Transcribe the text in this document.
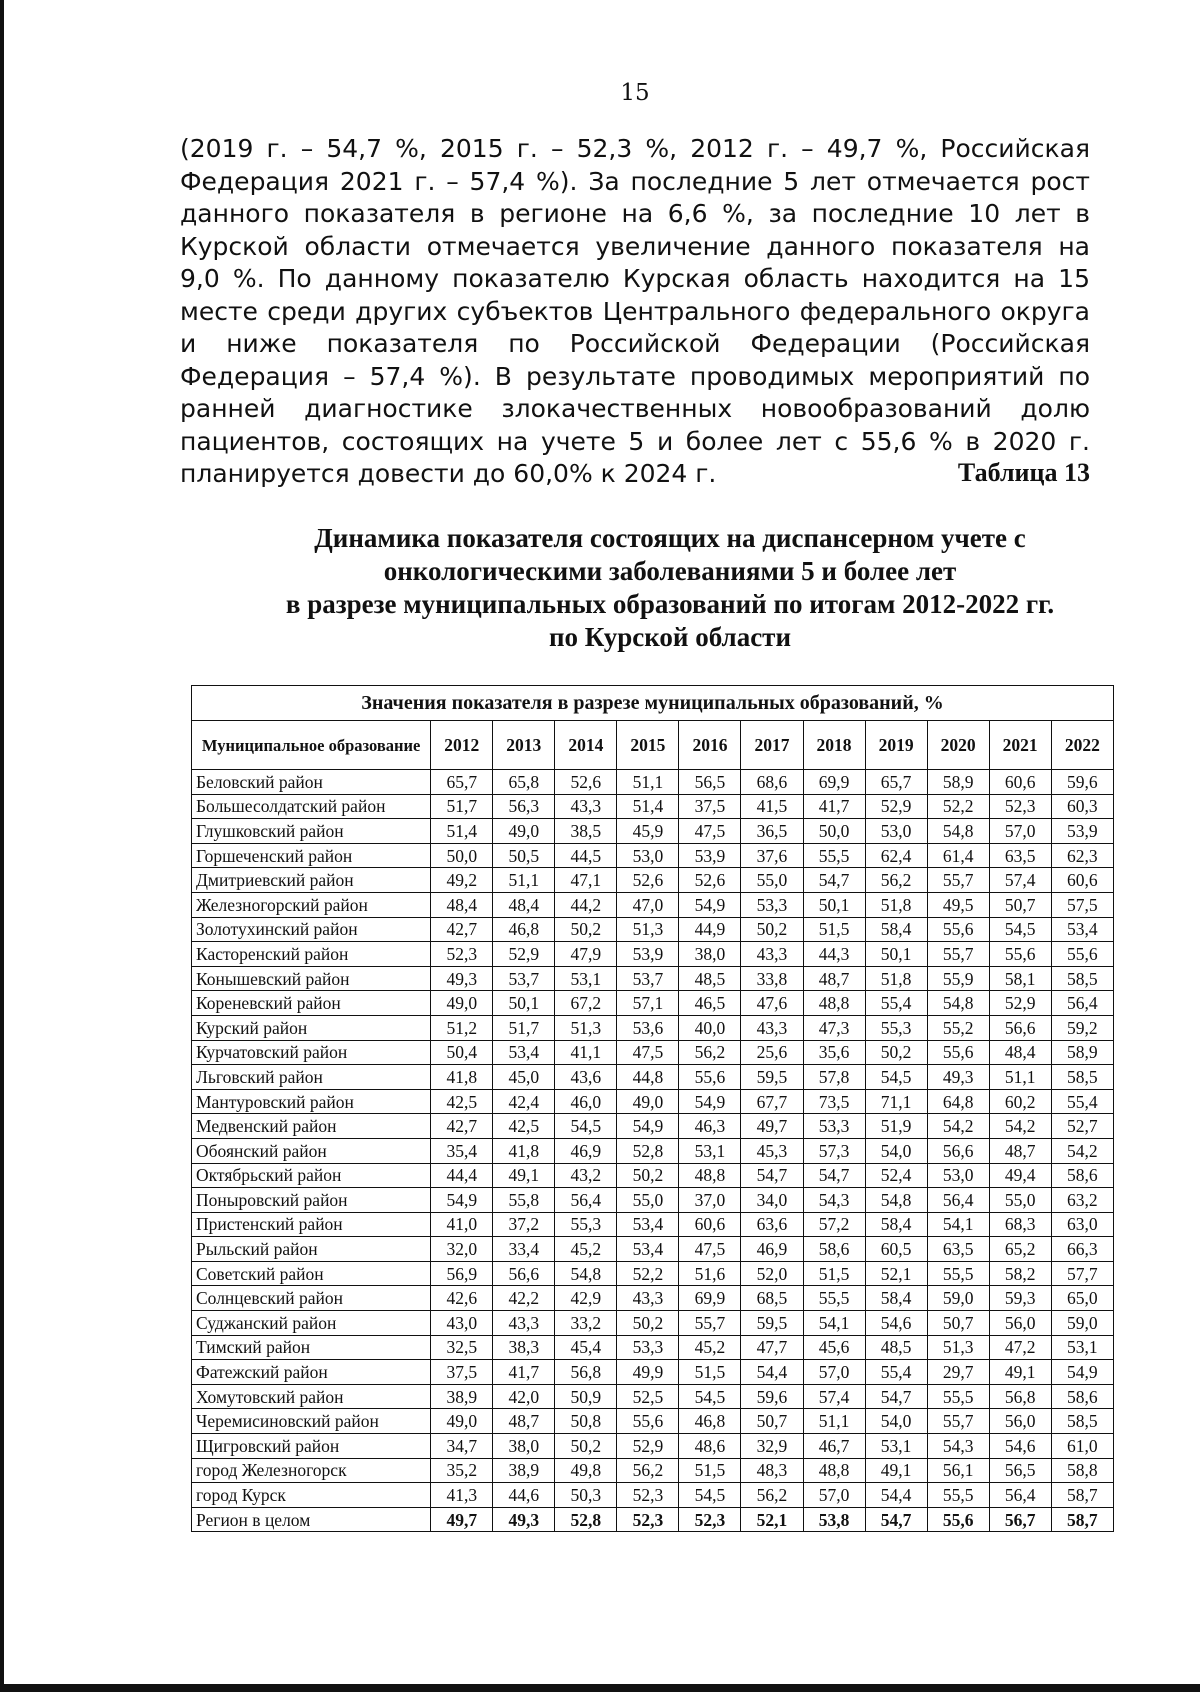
15

(2019 г. – 54,7 %, 2015 г. – 52,3 %, 2012 г. – 49,7 %, Российская Федерация 2021 г. – 57,4 %). За последние 5 лет отмечается рост данного показателя в регионе на 6,6 %, за последние 10 лет в Курской области отмечается увеличение данного показателя на 9,0 %. По данному показателю Курская область находится на 15 месте среди других субъектов Центрального федерального округа и ниже показателя по Российской Федерации (Российская Федерация – 57,4 %). В результате проводимых мероприятий по ранней диагностике злокачественных новообразований долю пациентов, состоящих на учете 5 и более лет с 55,6 % в 2020 г. планируется довести до 60,0% к 2024 г.	Таблица 13
Динамика показателя состоящих на диспансерном учете с
онкологическими заболеваниями 5 и более лет
в разрезе муниципальных образований по итогам 2012-2022 гг.
по Курской области
Значения показателя в разрезе муниципальных образований, %											
Муниципальное образование	2012	2013	2014	2015	2016	2017	2018	2019	2020	2021	2022
Беловский район	65,7	65,8	52,6	51,1	56,5	68,6	69,9	65,7	58,9	60,6	59,6
Большесолдатский район	51,7	56,3	43,3	51,4	37,5	41,5	41,7	52,9	52,2	52,3	60,3
Глушковский район	51,4	49,0	38,5	45,9	47,5	36,5	50,0	53,0	54,8	57,0	53,9
Горшеченский район	50,0	50,5	44,5	53,0	53,9	37,6	55,5	62,4	61,4	63,5	62,3
Дмитриевский район	49,2	51,1	47,1	52,6	52,6	55,0	54,7	56,2	55,7	57,4	60,6
Железногорский район	48,4	48,4	44,2	47,0	54,9	53,3	50,1	51,8	49,5	50,7	57,5
Золотухинский район	42,7	46,8	50,2	51,3	44,9	50,2	51,5	58,4	55,6	54,5	53,4
Касторенский район	52,3	52,9	47,9	53,9	38,0	43,3	44,3	50,1	55,7	55,6	55,6
Конышевский район	49,3	53,7	53,1	53,7	48,5	33,8	48,7	51,8	55,9	58,1	58,5
Кореневский район	49,0	50,1	67,2	57,1	46,5	47,6	48,8	55,4	54,8	52,9	56,4
Курский район	51,2	51,7	51,3	53,6	40,0	43,3	47,3	55,3	55,2	56,6	59,2
Курчатовский район	50,4	53,4	41,1	47,5	56,2	25,6	35,6	50,2	55,6	48,4	58,9
Льговский район	41,8	45,0	43,6	44,8	55,6	59,5	57,8	54,5	49,3	51,1	58,5
Мантуровский район	42,5	42,4	46,0	49,0	54,9	67,7	73,5	71,1	64,8	60,2	55,4
Медвенский район	42,7	42,5	54,5	54,9	46,3	49,7	53,3	51,9	54,2	54,2	52,7
Обоянский район	35,4	41,8	46,9	52,8	53,1	45,3	57,3	54,0	56,6	48,7	54,2
Октябрьский район	44,4	49,1	43,2	50,2	48,8	54,7	54,7	52,4	53,0	49,4	58,6
Поныровский район	54,9	55,8	56,4	55,0	37,0	34,0	54,3	54,8	56,4	55,0	63,2
Пристенский район	41,0	37,2	55,3	53,4	60,6	63,6	57,2	58,4	54,1	68,3	63,0
Рыльский район	32,0	33,4	45,2	53,4	47,5	46,9	58,6	60,5	63,5	65,2	66,3
Советский район	56,9	56,6	54,8	52,2	51,6	52,0	51,5	52,1	55,5	58,2	57,7
Солнцевский район	42,6	42,2	42,9	43,3	69,9	68,5	55,5	58,4	59,0	59,3	65,0
Суджанский район	43,0	43,3	33,2	50,2	55,7	59,5	54,1	54,6	50,7	56,0	59,0
Тимский район	32,5	38,3	45,4	53,3	45,2	47,7	45,6	48,5	51,3	47,2	53,1
Фатежский район	37,5	41,7	56,8	49,9	51,5	54,4	57,0	55,4	29,7	49,1	54,9
Хомутовский район	38,9	42,0	50,9	52,5	54,5	59,6	57,4	54,7	55,5	56,8	58,6
Черемисиновский район	49,0	48,7	50,8	55,6	46,8	50,7	51,1	54,0	55,7	56,0	58,5
Щигровский район	34,7	38,0	50,2	52,9	48,6	32,9	46,7	53,1	54,3	54,6	61,0
город Железногорск	35,2	38,9	49,8	56,2	51,5	48,3	48,8	49,1	56,1	56,5	58,8
город Курск	41,3	44,6	50,3	52,3	54,5	56,2	57,0	54,4	55,5	56,4	58,7
Регион в целом	49,7	49,3	52,8	52,3	52,3	52,1	53,8	54,7	55,6	56,7	58,7
